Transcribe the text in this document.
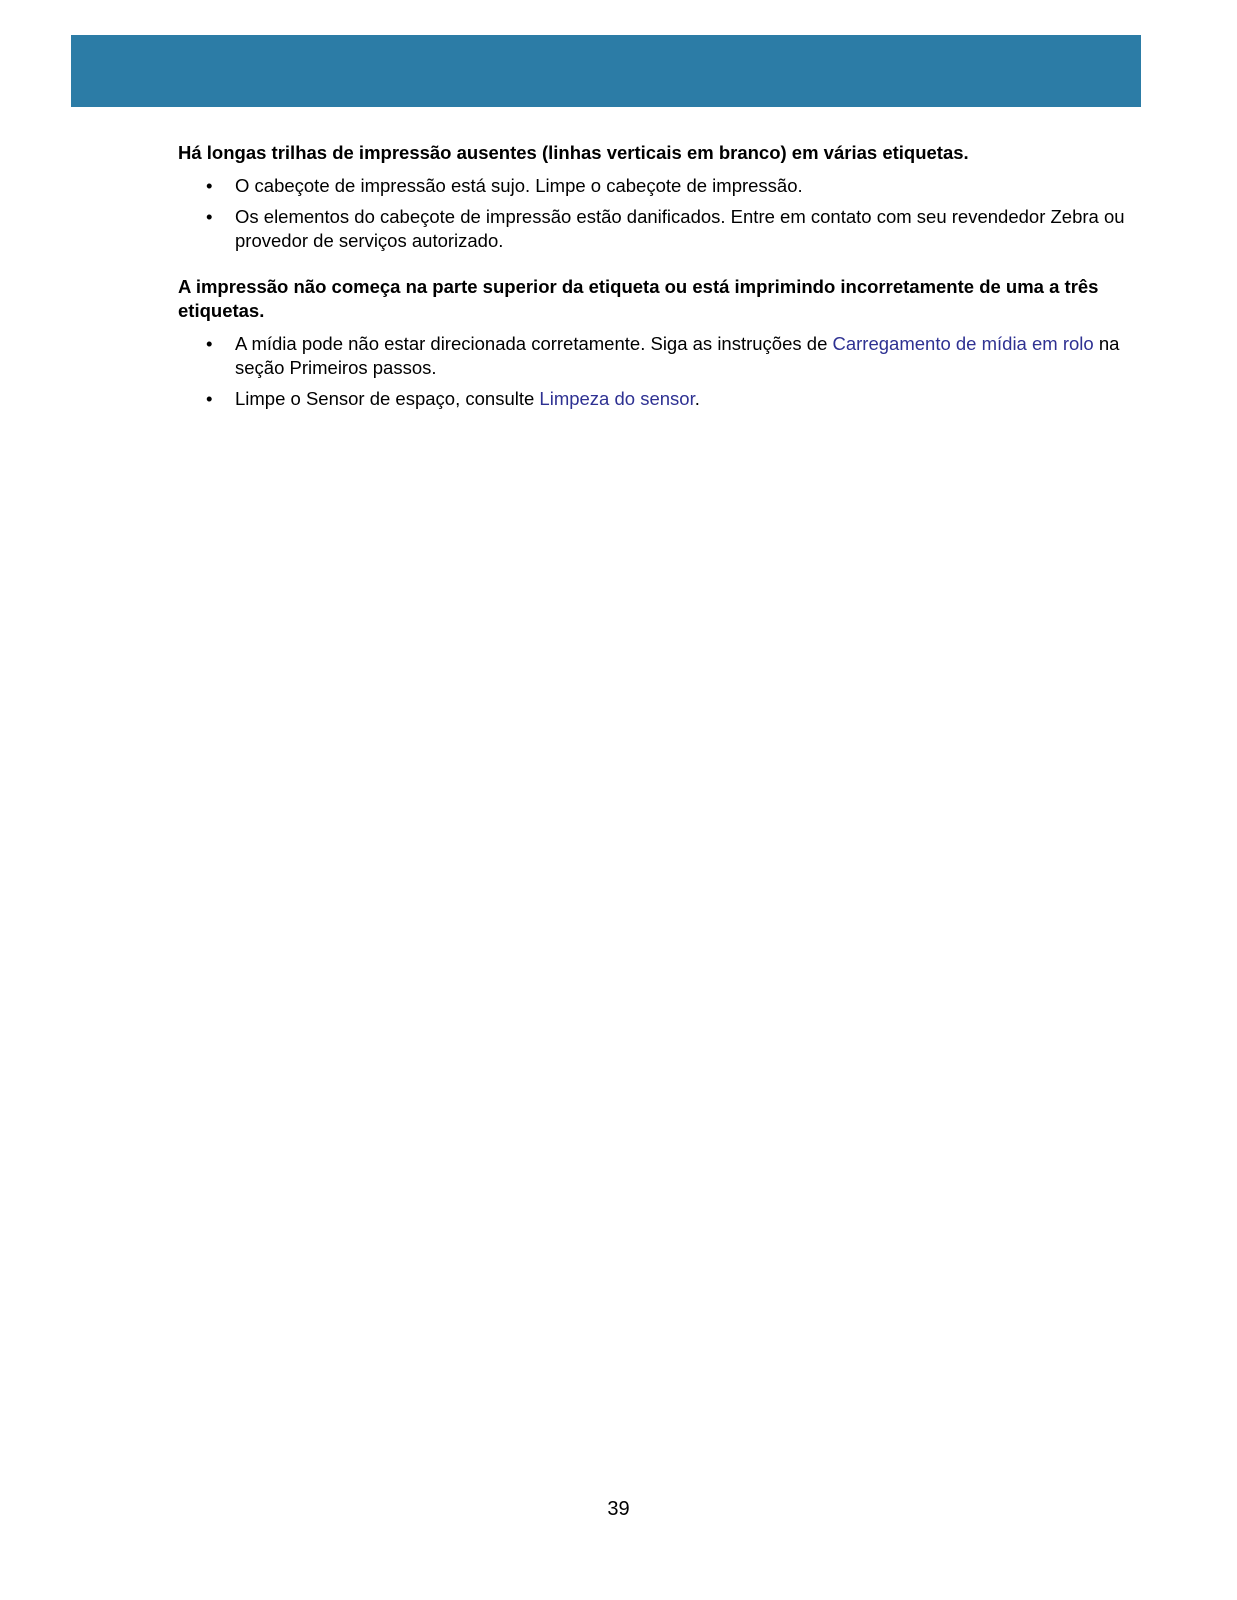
Há longas trilhas de impressão ausentes (linhas verticais em branco) em várias etiquetas.
• O cabeçote de impressão está sujo. Limpe o cabeçote de impressão.
• Os elementos do cabeçote de impressão estão danificados. Entre em contato com seu revendedor Zebra ou provedor de serviços autorizado.
A impressão não começa na parte superior da etiqueta ou está imprimindo incorretamente de uma a três etiquetas.
• A mídia pode não estar direcionada corretamente. Siga as instruções de Carregamento de mídia em rolo na seção Primeiros passos.
• Limpe o Sensor de espaço, consulte Limpeza do sensor.
39
